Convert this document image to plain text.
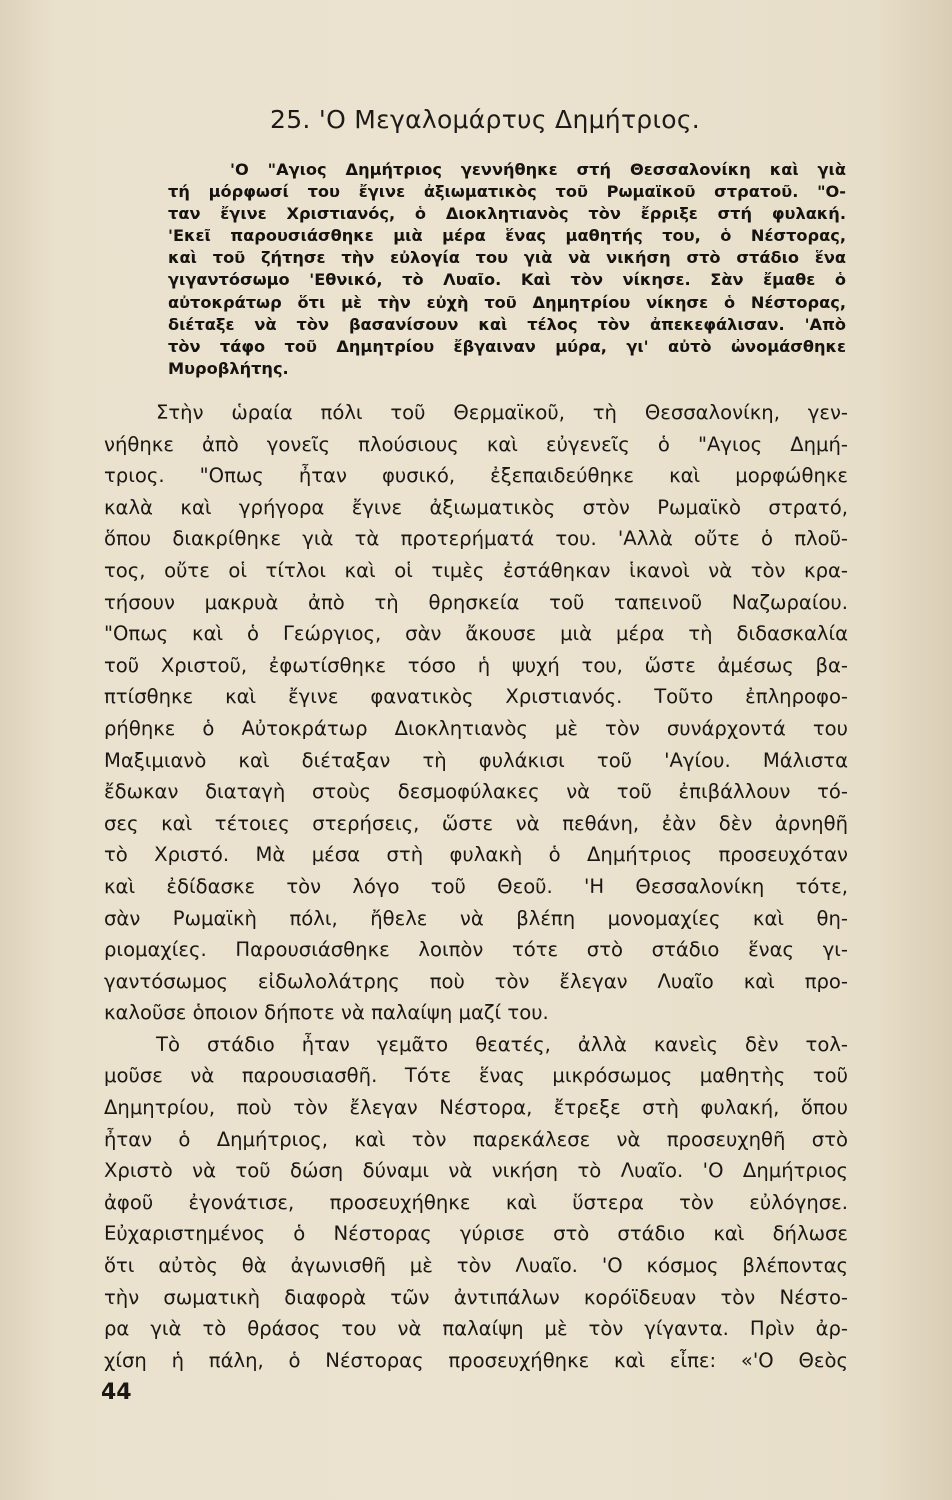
25. 'Ο Μεγαλομάρτυς Δημήτριος.
'Ο "Αγιος Δημήτριος γεννήθηκε στή Θεσσαλονίκη καὶ γιὰ
τή μόρφωσί του ἔγινε ἀξιωματικὸς τοῦ Ρωμαϊκοῦ στρατοῦ. "Ο-
ταν ἔγινε Χριστιανός, ὁ Διοκλητιανὸς τὸν ἔρριξε στή φυλακή.
'Εκεῖ παρουσιάσθηκε μιὰ μέρα ἕνας μαθητής του, ὁ Νέστορας,
καὶ τοῦ ζήτησε τὴν εὐλογία του γιὰ νὰ νικήση στὸ στάδιο ἕνα
γιγαντόσωμο 'Εθνικό, τὸ Λυαῖο. Καὶ τὸν νίκησε. Σὰν ἔμαθε ὁ
αὐτοκράτωρ ὅτι μὲ τὴν εὐχὴ τοῦ Δημητρίου νίκησε ὁ Νέστορας,
διέταξε νὰ τὸν βασανίσουν καὶ τέλος τὸν ἀπεκεφάλισαν. 'Απὸ
τὸν τάφο τοῦ Δημητρίου ἔβγαιναν μύρα, γι' αὐτὸ ὠνομάσθηκε
Μυροβλήτης.
Στὴν ὡραία πόλι τοῦ Θερμαϊκοῦ, τὴ Θεσσαλονίκη, γεν-
νήθηκε ἀπὸ γονεῖς πλούσιους καὶ εὐγενεῖς ὁ "Αγιος Δημή-
τριος. "Οπως ἦταν φυσικό, ἐξεπαιδεύθηκε καὶ μορφώθηκε
καλὰ καὶ γρήγορα ἔγινε ἀξιωματικὸς στὸν Ρωμαϊκὸ στρατό,
ὅπου διακρίθηκε γιὰ τὰ προτερήματά του. 'Αλλὰ οὔτε ὁ πλοῦ-
τος, οὔτε οἱ τίτλοι καὶ οἱ τιμὲς ἐστάθηκαν ἱκανοὶ νὰ τὸν κρα-
τήσουν μακρυὰ ἀπὸ τὴ θρησκεία τοῦ ταπεινοῦ Ναζωραίου.
"Οπως καὶ ὁ Γεώργιος, σὰν ἄκουσε μιὰ μέρα τὴ διδασκαλία
τοῦ Χριστοῦ, ἐφωτίσθηκε τόσο ἡ ψυχή του, ὥστε ἀμέσως βα-
πτίσθηκε καὶ ἔγινε φανατικὸς Χριστιανός. Τοῦτο ἐπληροφο-
ρήθηκε ὁ Αὐτοκράτωρ Διοκλητιανὸς μὲ τὸν συνάρχοντά του
Μαξιμιανὸ καὶ διέταξαν τὴ φυλάκισι τοῦ 'Αγίου. Μάλιστα
ἔδωκαν διαταγὴ στοὺς δεσμοφύλακες νὰ τοῦ ἐπιβάλλουν τό-
σες καὶ τέτοιες στερήσεις, ὥστε νὰ πεθάνη, ἐὰν δὲν ἀρνηθῆ
τὸ Χριστό. Μὰ μέσα στὴ φυλακὴ ὁ Δημήτριος προσευχόταν
καὶ ἐδίδασκε τὸν λόγο τοῦ Θεοῦ. 'Η Θεσσαλονίκη τότε,
σὰν Ρωμαϊκὴ πόλι, ἤθελε νὰ βλέπη μονομαχίες καὶ θη-
ριομαχίες. Παρουσιάσθηκε λοιπὸν τότε στὸ στάδιο ἕνας γι-
γαντόσωμος εἰδωλολάτρης ποὺ τὸν ἔλεγαν Λυαῖο καὶ προ-
καλοῦσε ὁποιον δήποτε νὰ παλαίψη μαζί του.
Τὸ στάδιο ἦταν γεμᾶτο θεατές, ἀλλὰ κανεὶς δὲν τολ-
μοῦσε νὰ παρουσιασθῆ. Τότε ἕνας μικρόσωμος μαθητὴς τοῦ
Δημητρίου, ποὺ τὸν ἔλεγαν Νέστορα, ἔτρεξε στὴ φυλακή, ὅπου
ἦταν ὁ Δημήτριος, καὶ τὸν παρεκάλεσε νὰ προσευχηθῆ στὸ
Χριστὸ νὰ τοῦ δώση δύναμι νὰ νικήση τὸ Λυαῖο. 'Ο Δημήτριος
ἀφοῦ ἐγονάτισε, προσευχήθηκε καὶ ὕστερα τὸν εὐλόγησε.
Εὐχαριστημένος ὁ Νέστορας γύρισε στὸ στάδιο καὶ δήλωσε
ὅτι αὐτὸς θὰ ἀγωνισθῆ μὲ τὸν Λυαῖο. 'Ο κόσμος βλέποντας
τὴν σωματικὴ διαφορὰ τῶν ἀντιπάλων κορόϊδευαν τὸν Νέστο-
ρα γιὰ τὸ θράσος του νὰ παλαίψη μὲ τὸν γίγαντα. Πρὶν ἀρ-
χίση ἡ πάλη, ὁ Νέστορας προσευχήθηκε καὶ εἶπε: «'Ο Θεὸς
44
